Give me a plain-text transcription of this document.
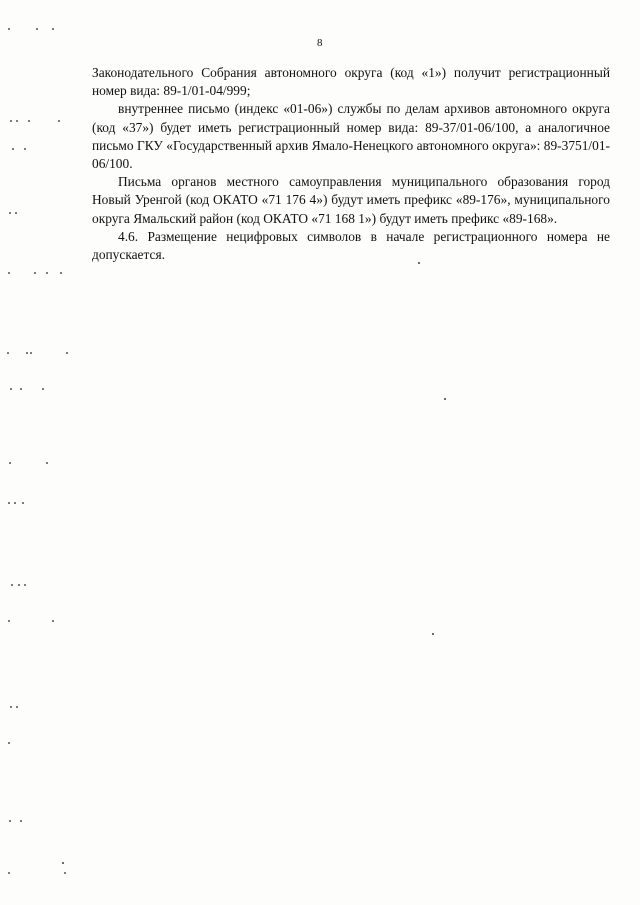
8

Законодательного Собрания автономного округа (код «1») получит регистрационный номер вида: 89-1/01-04/999;

внутреннее письмо (индекс «01-06») службы по делам архивов автономного округа (код «37») будет иметь регистрационный номер вида: 89-37/01-06/100, а аналогичное письмо ГКУ «Государственный архив Ямало-Ненецкого автономного округа»: 89-3751/01-06/100.

Письма органов местного самоуправления муниципального образования город Новый Уренгой (код ОКАТО «71 176 4») будут иметь префикс «89-176», муниципального округа Ямальский район (код ОКАТО «71 168 1») будут иметь префикс «89-168».

4.6. Размещение нецифровых символов в начале регистрационного номера не допускается.
